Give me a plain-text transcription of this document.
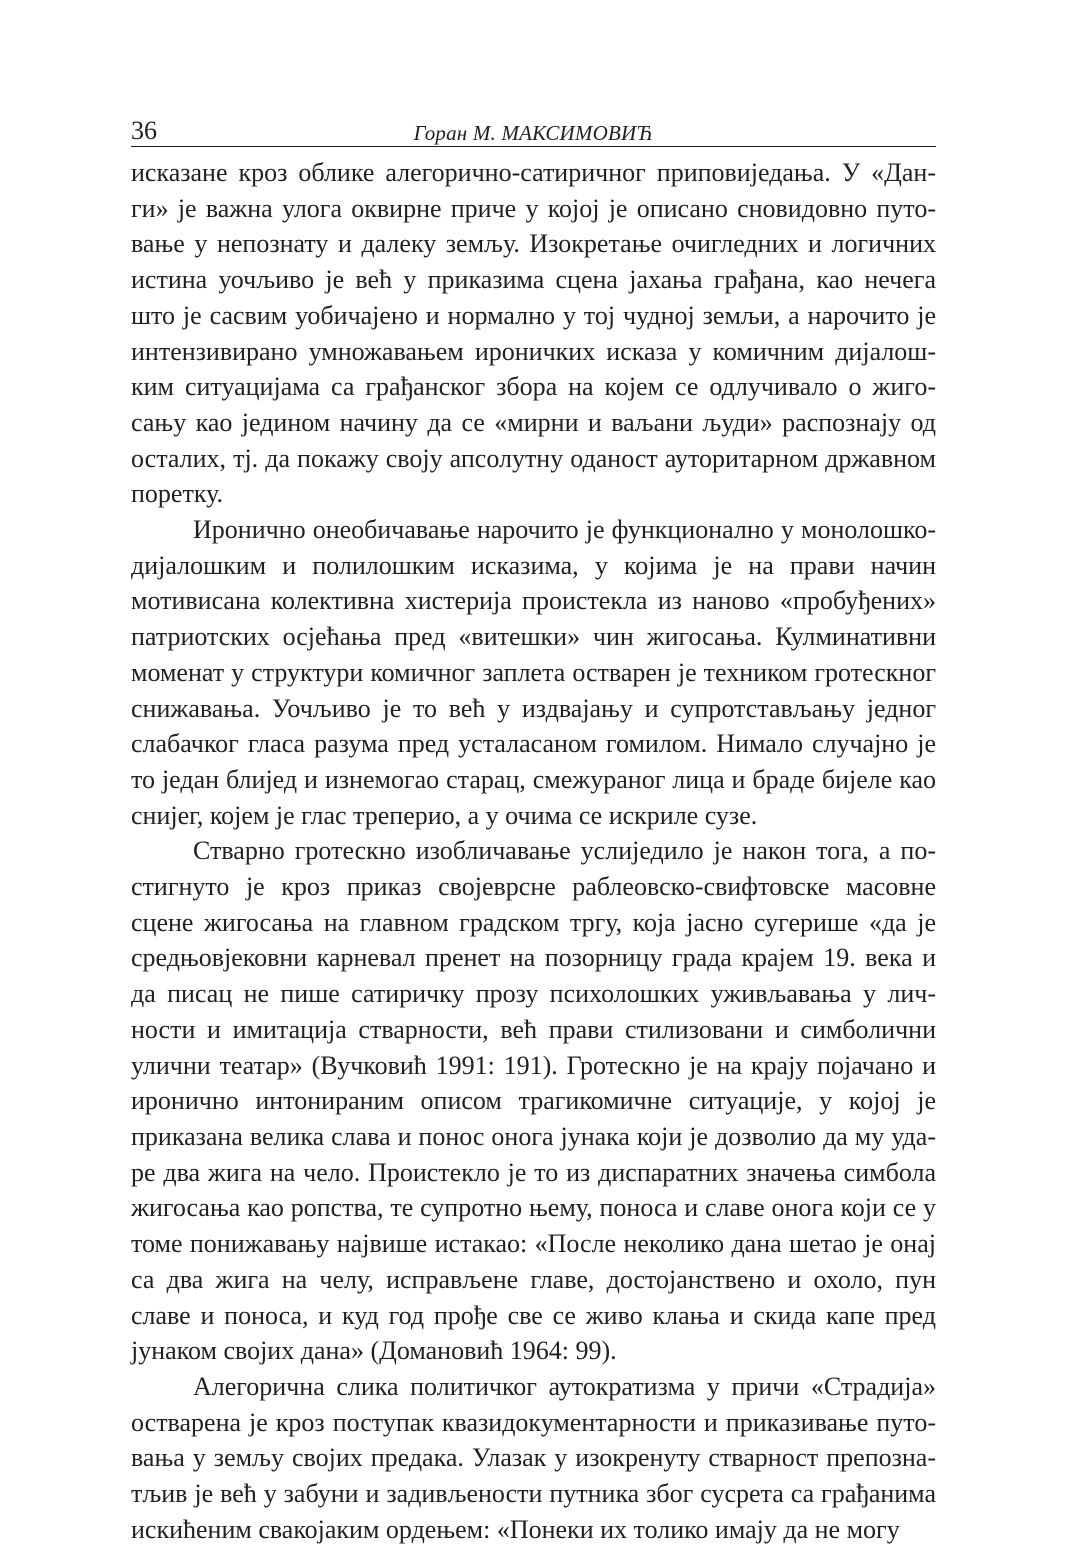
36	Горан М. МАКСИМОВИЋ

исказане кроз облике алегорично-сатиричног приповиједања. У «Данги» је важна улога оквирне приче у којој је описано сновидовно путовање у непознату и далеку земљу. Изокретање очигледних и логичних истина уочљиво је већ у приказима сцена јахања грађана, као нечега што је сасвим уобичајено и нормално у тој чудној земљи, а нарочито је интензивирано умножавањем ироничких исказа у комичним дијалошким ситуацијама са грађанског збора на којем се одлучивало о жигосању као једином начину да се «мирни и ваљани људи» распознају од осталих, тј. да покажу своју апсолутну оданост ауторитарном државном поретку.

Иронично онеобичавање нарочито је функционално у монолошко-дијалошким и полилошким исказима, у којима је на прави начин мотивисана колективна хистерија проистекла из наново «пробуђених» патриотских осјећања пред «витешки» чин жигосања. Кулминативни моменат у структури комичног заплета остварен је техником гротескног снижавања. Уочљиво је то већ у издвајању и супротстављању једног слабачког гласа разума пред усталасаном гомилом. Нимало случајно је то један блијед и изнемогао старац, смежураног лица и браде бијеле као снијег, којем је глас треперио, а у очима се искриле сузе.

Стварно гротескно изобличавање услиједило је након тога, а постигнуто је кроз приказ својеврсне раблеовско-свифтовске масовне сцене жигосања на главном градском тргу, која јасно сугерише «да је средњовјековни карневал пренет на позорницу града крајем 19. века и да писац не пише сатиричку прозу психолошких уживљавања у личности и имитација стварности, већ прави стилизовани и симболични улични театар» (Вучковић 1991: 191). Гротескно је на крају појачано и иронично интонираним описом трагикомичне ситуације, у којој је приказана велика слава и понос онога јунака који је дозволио да му ударе два жига на чело. Проистекло је то из диспаратних значења симбола жигосања као ропства, те супротно њему, поноса и славе онога који се у томе понижавању највише истакао: «После неколико дана шетао је онај са два жига на челу, исправљене главе, достојанствено и охоло, пун славе и поноса, и куд год прође све се живо клања и скида капе пред јунаком својих дана» (Домановић 1964: 99).

Алегорична слика политичког аутократизма у причи «Страдија» остварена је кроз поступак квазидокументарности и приказивање путовања у земљу својих предака. Улазак у изокренуту стварност препознатљив је већ у забуни и задивљености путника због сусрета са грађанима искићеним свакојаким ордењем: «Понеки их толико имају да не могу
